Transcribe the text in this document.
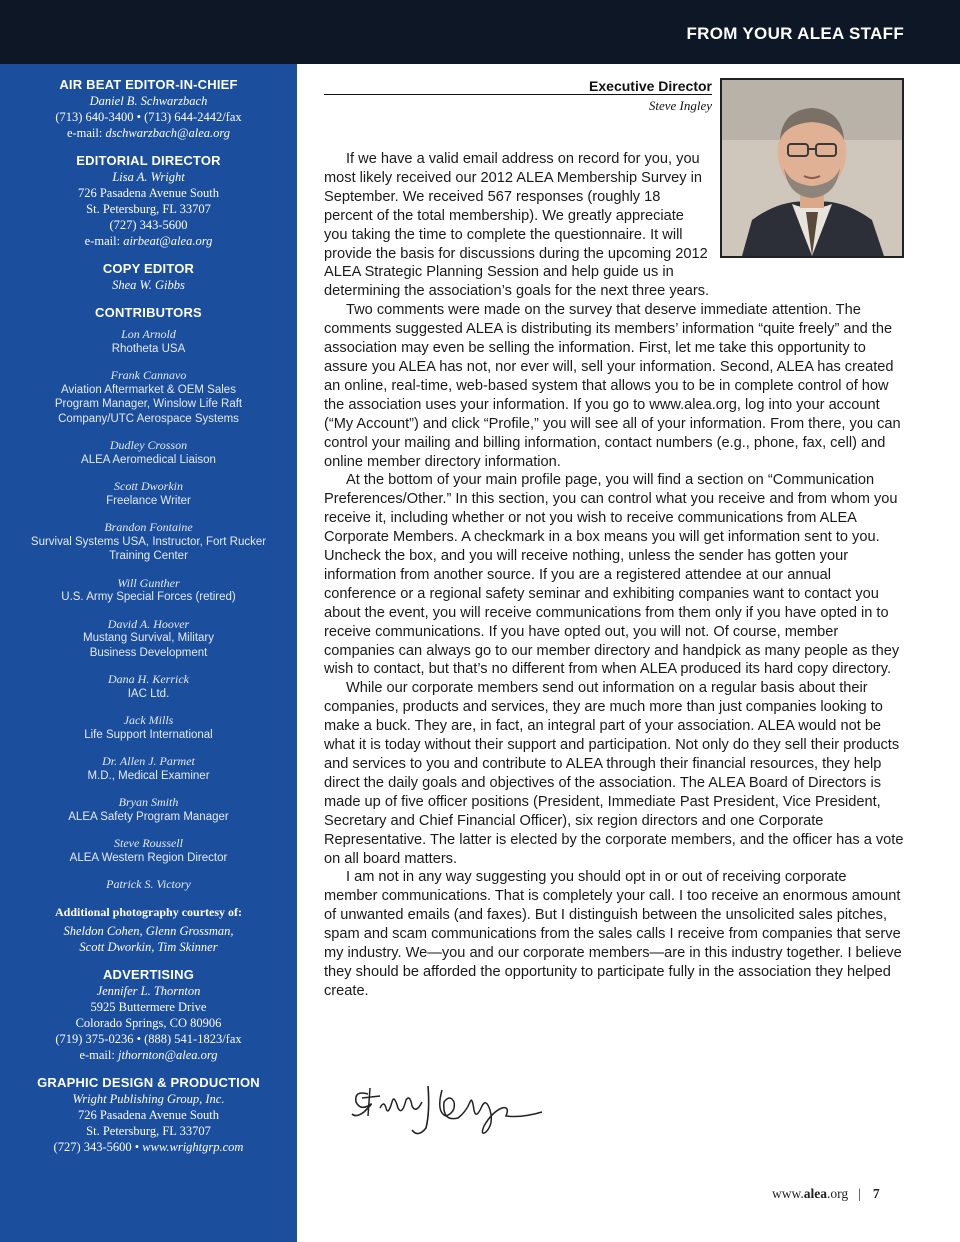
FROM YOUR ALEA STAFF
AIR BEAT EDITOR-IN-CHIEF
Daniel B. Schwarzbach
(713) 640-3400 • (713) 644-2442/fax
e-mail: dschwarzbach@alea.org
EDITORIAL DIRECTOR
Lisa A. Wright
726 Pasadena Avenue South
St. Petersburg, FL 33707
(727) 343-5600
e-mail: airbeat@alea.org
COPY EDITOR
Shea W. Gibbs
CONTRIBUTORS
Lon Arnold
Rhotheta USA
Frank Cannavo
Aviation Aftermarket & OEM Sales
Program Manager, Winslow Life Raft
Company/UTC Aerospace Systems
Dudley Crosson
ALEA Aeromedical Liaison
Scott Dworkin
Freelance Writer
Brandon Fontaine
Survival Systems USA, Instructor, Fort Rucker
Training Center
Will Gunther
U.S. Army Special Forces (retired)
David A. Hoover
Mustang Survival, Military
Business Development
Dana H. Kerrick
IAC Ltd.
Jack Mills
Life Support International
Dr. Allen J. Parmet
M.D., Medical Examiner
Bryan Smith
ALEA Safety Program Manager
Steve Roussell
ALEA Western Region Director
Patrick S. Victory
Additional photography courtesy of:
Sheldon Cohen, Glenn Grossman,
Scott Dworkin, Tim Skinner
ADVERTISING
Jennifer L. Thornton
5925 Buttermere Drive
Colorado Springs, CO 80906
(719) 375-0236 • (888) 541-1823/fax
e-mail: jthornton@alea.org
GRAPHIC DESIGN & PRODUCTION
Wright Publishing Group, Inc.
726 Pasadena Avenue South
St. Petersburg, FL 33707
(727) 343-5600 • www.wrightgrp.com
Executive Director
Steve Ingley

If we have a valid email address on record for you, you most likely received our 2012 ALEA Membership Survey in September. We received 567 responses (roughly 18 percent of the total membership). We greatly appreciate you taking the time to complete the questionnaire. It will provide the basis for discussions during the upcoming 2012 ALEA Strategic Planning Session and help guide us in determining the association’s goals for the next three years.

Two comments were made on the survey that deserve immediate attention. The comments suggested ALEA is distributing its members’ information “quite freely” and the association may even be selling the information. First, let me take this opportunity to assure you ALEA has not, nor ever will, sell your information. Second, ALEA has created an online, real-time, web-based system that allows you to be in complete control of how the association uses your information. If you go to www.alea.org, log into your account (“My Account”) and click “Profile,” you will see all of your information. From there, you can control your mailing and billing information, contact numbers (e.g., phone, fax, cell) and online member directory information.

At the bottom of your main profile page, you will find a section on “Communication Preferences/Other.” In this section, you can control what you receive and from whom you receive it, including whether or not you wish to receive communications from ALEA Corporate Members. A checkmark in a box means you will get information sent to you. Uncheck the box, and you will receive nothing, unless the sender has gotten your information from another source. If you are a registered attendee at our annual conference or a regional safety seminar and exhibiting companies want to contact you about the event, you will receive communications from them only if you have opted in to receive communications. If you have opted out, you will not. Of course, member companies can always go to our member directory and handpick as many people as they wish to contact, but that’s no different from when ALEA produced its hard copy directory.

While our corporate members send out information on a regular basis about their companies, products and services, they are much more than just companies looking to make a buck. They are, in fact, an integral part of your association. ALEA would not be what it is today without their support and participation. Not only do they sell their products and services to you and contribute to ALEA through their financial resources, they help direct the daily goals and objectives of the association. The ALEA Board of Directors is made up of five officer positions (President, Immediate Past President, Vice President, Secretary and Chief Financial Officer), six region directors and one Corporate Representative. The latter is elected by the corporate members, and the officer has a vote on all board matters.

I am not in any way suggesting you should opt in or out of receiving corporate member communications. That is completely your call. I too receive an enormous amount of unwanted emails (and faxes). But I distinguish between the unsolicited sales pitches, spam and scam communications from the sales calls I receive from companies that serve my industry. We—you and our corporate members—are in this industry together. I believe they should be afforded the opportunity to participate fully in the association they helped create.

www.alea.org | 7
